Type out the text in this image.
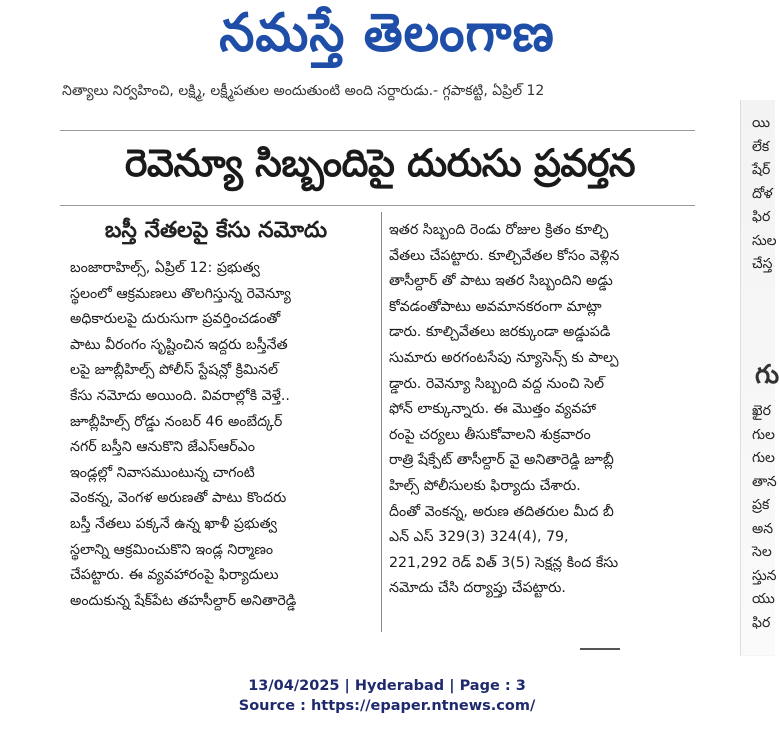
నమస్తే తెలంగాణ
నిత్యాలు నిర్వహించి, లక్ష్మి, లక్ష్మీపతుల అందుతుంటి అంది సర్దారుడు.- గ్గపాకట్టి, ఏప్రిల్ 12
రెవెన్యూ సిబ్బందిపై దురుసు ప్రవర్తన
బస్తీ నేతలపై కేసు నమోదు
బంజారాహిల్స్, ఏప్రిల్ 12: ప్రభుత్వ
స్థలంలో ఆక్రమణలు తొలగిస్తున్న రెవెన్యూ
అధికారులపై దురుసుగా ప్రవర్తించడంతో
పాటు వీరంగం సృష్టించిన ఇద్దరు బస్తీనేత
లపై జూబ్లీహిల్స్ పోలీస్ స్టేషన్లో క్రిమినల్
కేసు నమోదు అయింది. వివరాల్లోకి వెళ్తే..
జూబ్లీహిల్స్ రోడ్డు నంబర్ 46 అంబేద్కర్
నగర్ బస్తీని ఆనుకొని జేఎస్‌ఆర్‌ఎం
ఇండ్లల్లో నివాసముంటున్న చాగంటి
వెంకన్న, వెంగళ అరుణతో పాటు కొందరు
బస్తీ నేతలు పక్కనే ఉన్న ఖాళీ ప్రభుత్వ
స్థలాన్ని ఆక్రమించుకొని ఇండ్ల నిర్మాణం
చేపట్టారు. ఈ వ్యవహారంపై ఫిర్యాదులు
అందుకున్న షేక్‌పేట తహసీల్దార్ అనితారెడ్డి
ఇతర సిబ్బంది రెండు రోజుల క్రితం కూల్చి
వేతలు చేపట్టారు. కూల్చివేతల కోసం వెళ్లిన
తాసీల్దార్ తో పాటు ఇతర సిబ్బందిని అడ్డు
కోవడంతోపాటు అవమానకరంగా మాట్లా
డారు. కూల్చివేతలు జరక్కుండా అడ్డుపడి
సుమారు అరగంటసేపు న్యూసెన్స్ కు పాల్ప
డ్డారు. రెవెన్యూ సిబ్బంది వద్ద నుంచి సెల్
ఫోన్ లాక్కున్నారు. ఈ మొత్తం వ్యవహా
రంపై చర్యలు తీసుకోవాలని శుక్రవారం
రాత్రి షేక్పేట్ తాసీల్దార్ వై అనితారెడ్డి జూబ్లీ
హిల్స్ పోలీసులకు ఫిర్యాదు చేశారు.
దీంతో వెంకన్న, అరుణ తదితరుల మీద బీ
ఎన్ ఎస్ 329(3) 324(4), 79,
221,292 రెడ్ విత్ 3(5) సెక్షన్ల కింద కేసు
నమోదు చేసి దర్యాప్తు చేపట్టారు.
యి
లేక
షేర్
దోళ
ఫిర
సుల
చేస్త
గు
ఖైర
గుల
గుల
తాన
ప్రక
అన
సెల
స్తున
యు
ఫిర
13/04/2025 | Hyderabad | Page : 3
Source : https://epaper.ntnews.com/
